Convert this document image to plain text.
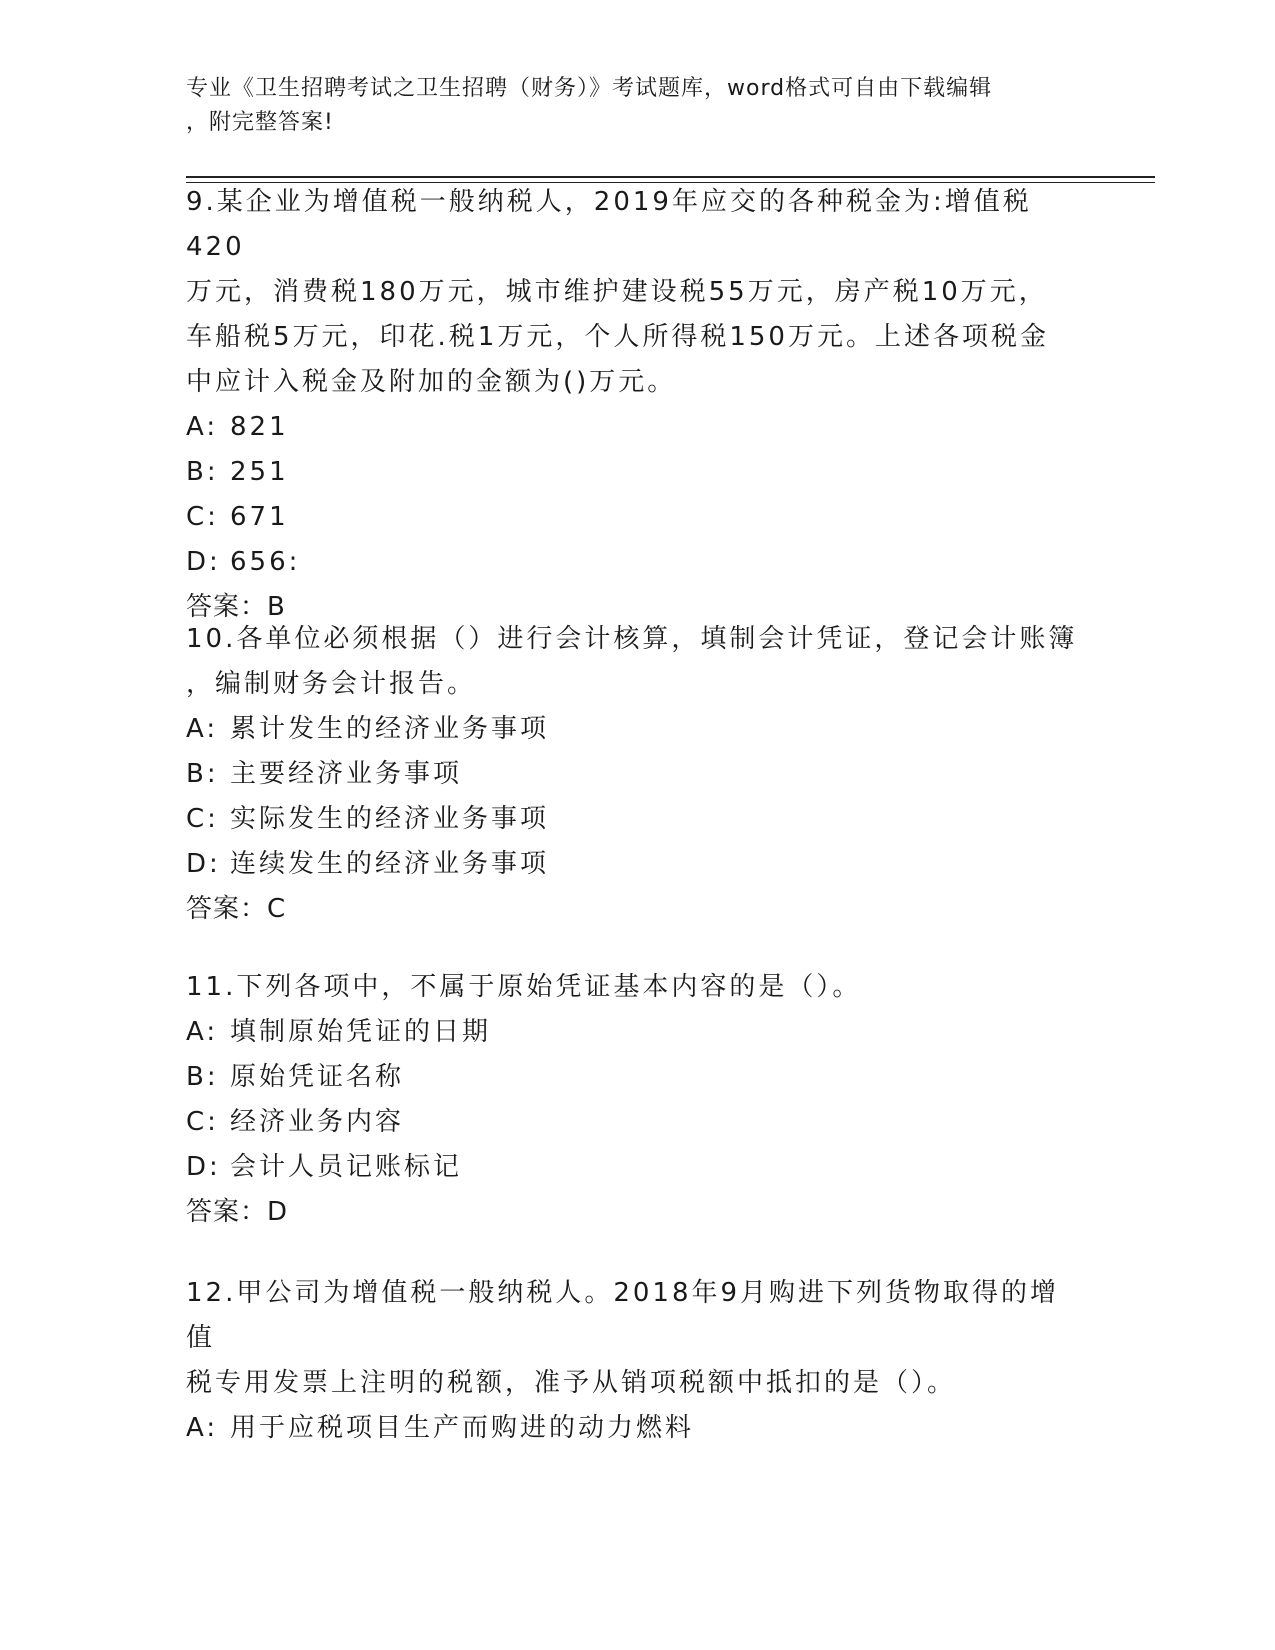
专业《卫生招聘考试之卫生招聘（财务）》考试题库，word格式可自由下载编辑
，附完整答案!

9.某企业为增值税一般纳税人，2019年应交的各种税金为:增值税420

万元，消费税180万元，城市维护建设税55万元，房产税10万元，

车船税5万元，印花.税1万元，个人所得税150万元。上述各项税金

中应计入税金及附加的金额为()万元。

A: 821

B: 251

C: 671

D: 656:

答案：B

10.各单位必须根据（）进行会计核算，填制会计凭证，登记会计账簿

，编制财务会计报告。

A: 累计发生的经济业务事项

B: 主要经济业务事项

C: 实际发生的经济业务事项

D: 连续发生的经济业务事项

答案：C

11.下列各项中，不属于原始凭证基本内容的是（）。

A: 填制原始凭证的日期

B: 原始凭证名称

C: 经济业务内容

D: 会计人员记账标记

答案：D

12.甲公司为增值税一般纳税人。2018年9月购进下列货物取得的增值

税专用发票上注明的税额，准予从销项税额中抵扣的是（）。

A: 用于应税项目生产而购进的动力燃料
